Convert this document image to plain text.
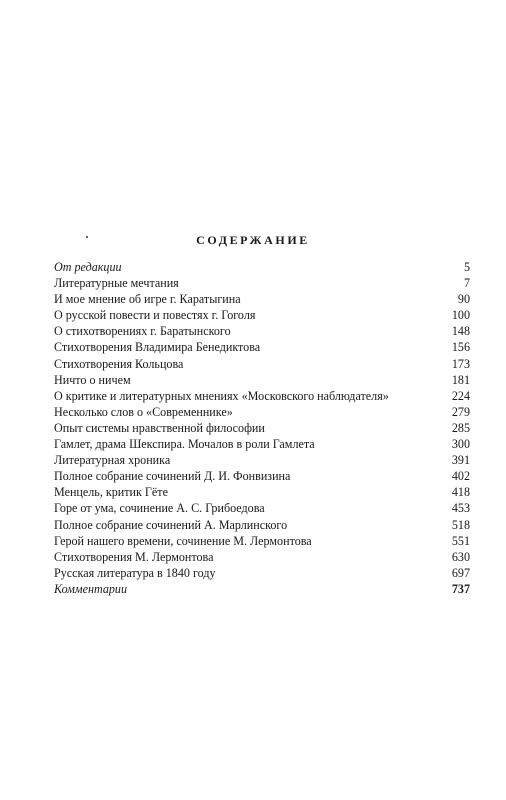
СОДЕРЖАНИЕ
От редакции	5
Литературные мечтания	7
И мое мнение об игре г. Каратыгина	90
О русской повести и повестях г. Гоголя	100
О стихотворениях г. Баратынского	148
Стихотворения Владимира Бенедиктова	156
Стихотворения Кольцова	173
Ничто о ничем	181
О критике и литературных мнениях «Московского наблюдателя»	224
Несколько слов о «Современнике»	279
Опыт системы нравственной философии	285
Гамлет, драма Шекспира. Мочалов в роли Гамлета	300
Литературная хроника	391
Полное собрание сочинений Д. И. Фонвизина	402
Менцель, критик Гёте	418
Горе от ума, сочинение А. С. Грибоедова	453
Полное собрание сочинений А. Марлинского	518
Герой нашего времени, сочинение М. Лермонтова	551
Стихотворения М. Лермонтова	630
Русская литература в 1840 году	697
Комментарии	737
